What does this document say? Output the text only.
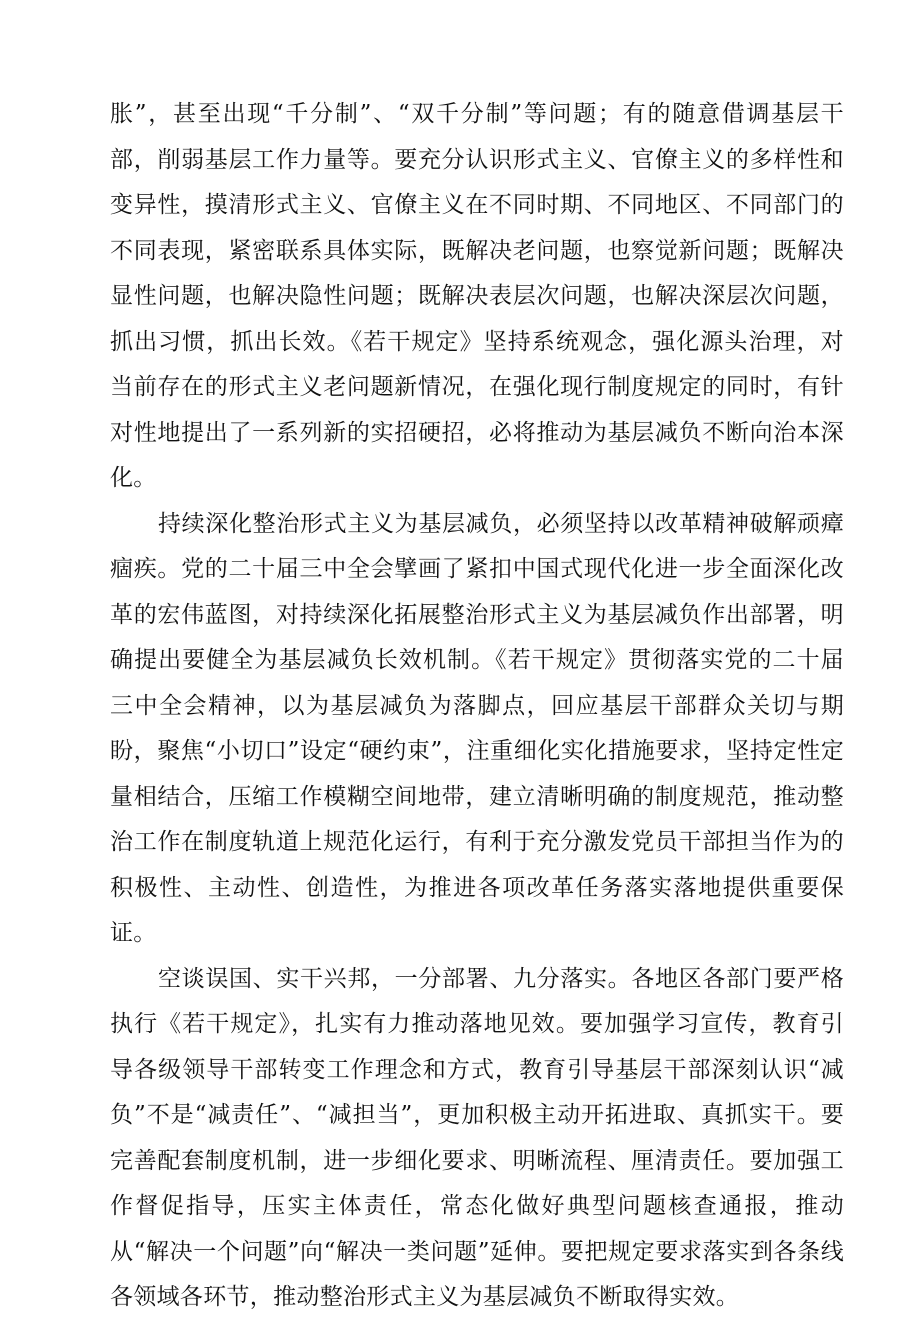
胀”，甚至出现“千分制”、“双千分制”等问题；有的随意借调基层干部，削弱基层工作力量等。要充分认识形式主义、官僚主义的多样性和变异性，摸清形式主义、官僚主义在不同时期、不同地区、不同部门的不同表现，紧密联系具体实际，既解决老问题，也察觉新问题；既解决显性问题，也解决隐性问题；既解决表层次问题，也解决深层次问题，抓出习惯，抓出长效。《若干规定》坚持系统观念，强化源头治理，对当前存在的形式主义老问题新情况，在强化现行制度规定的同时，有针对性地提出了一系列新的实招硬招，必将推动为基层减负不断向治本深化。

持续深化整治形式主义为基层减负，必须坚持以改革精神破解顽瘴痼疾。党的二十届三中全会擘画了紧扣中国式现代化进一步全面深化改革的宏伟蓝图，对持续深化拓展整治形式主义为基层减负作出部署，明确提出要健全为基层减负长效机制。《若干规定》贯彻落实党的二十届三中全会精神，以为基层减负为落脚点，回应基层干部群众关切与期盼，聚焦“小切口”设定“硬约束”，注重细化实化措施要求，坚持定性定量相结合，压缩工作模糊空间地带，建立清晰明确的制度规范，推动整治工作在制度轨道上规范化运行，有利于充分激发党员干部担当作为的积极性、主动性、创造性，为推进各项改革任务落实落地提供重要保证。

空谈误国、实干兴邦，一分部署、九分落实。各地区各部门要严格执行《若干规定》，扎实有力推动落地见效。要加强学习宣传，教育引导各级领导干部转变工作理念和方式，教育引导基层干部深刻认识“减负”不是“减责任”、“减担当”，更加积极主动开拓进取、真抓实干。要完善配套制度机制，进一步细化要求、明晰流程、厘清责任。要加强工作督促指导，压实主体责任，常态化做好典型问题核查通报，推动从“解决一个问题”向“解决一类问题”延伸。要把规定要求落实到各条线各领域各环节，推动整治形式主义为基层减负不断取得实效。
